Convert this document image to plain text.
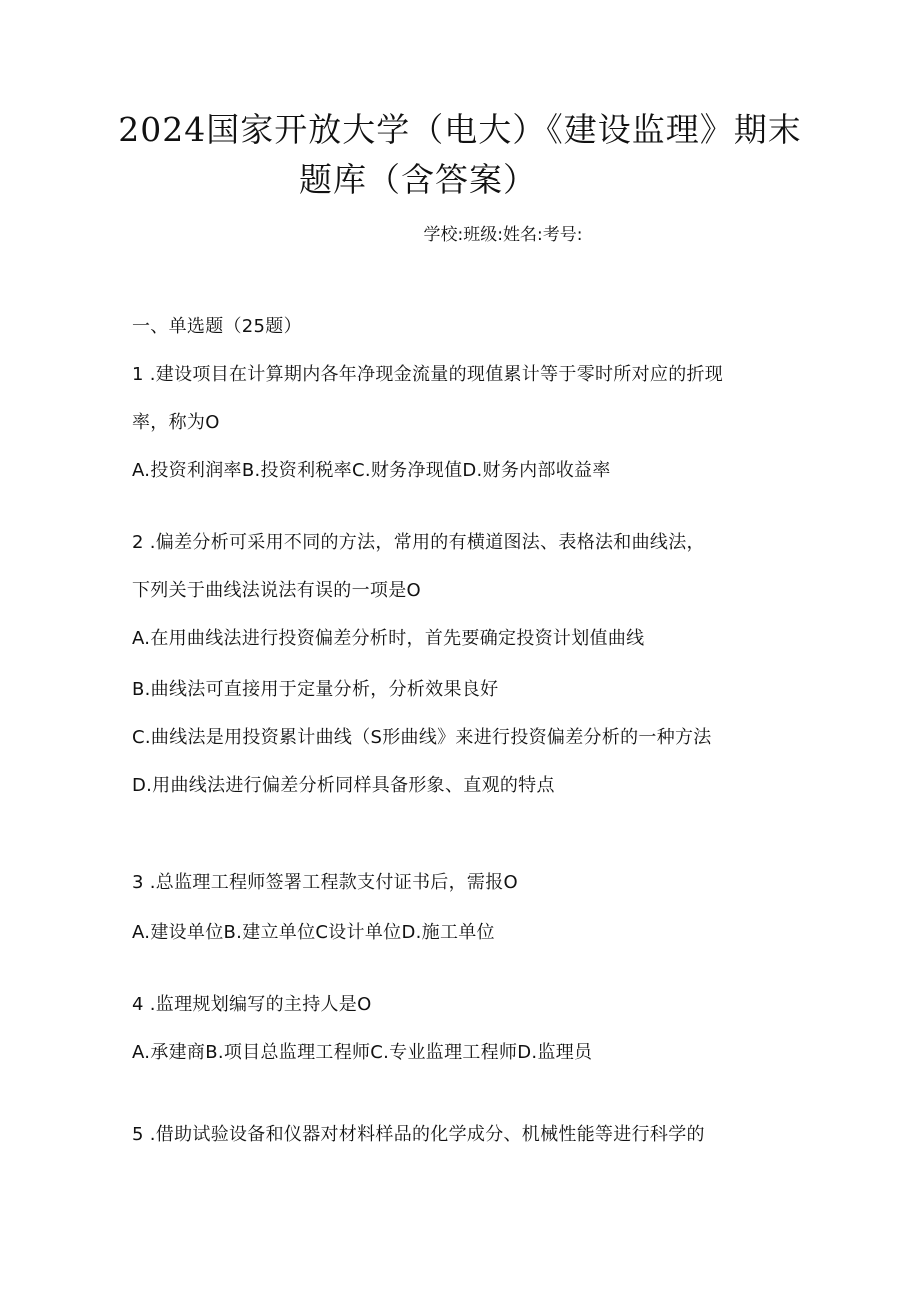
2024国家开放大学（电大）《建设监理》期末
题库（含答案）
学校:班级:姓名:考号:
一、单选题（25题）
1 .建设项目在计算期内各年净现金流量的现值累计等于零时所对应的折现
率，称为O
A.投资利润率B.投资利税率C.财务净现值D.财务内部收益率
2 .偏差分析可采用不同的方法，常用的有横道图法、表格法和曲线法，
下列关于曲线法说法有误的一项是O
A.在用曲线法进行投资偏差分析时，首先要确定投资计划值曲线
B.曲线法可直接用于定量分析，分析效果良好
C.曲线法是用投资累计曲线（S形曲线》来进行投资偏差分析的一种方法
D.用曲线法进行偏差分析同样具备形象、直观的特点
3 .总监理工程师签署工程款支付证书后，需报O
A.建设单位B.建立单位C设计单位D.施工单位
4 .监理规划编写的主持人是O
A.承建商B.项目总监理工程师C.专业监理工程师D.监理员
5 .借助试验设备和仪器对材料样品的化学成分、机械性能等进行科学的
